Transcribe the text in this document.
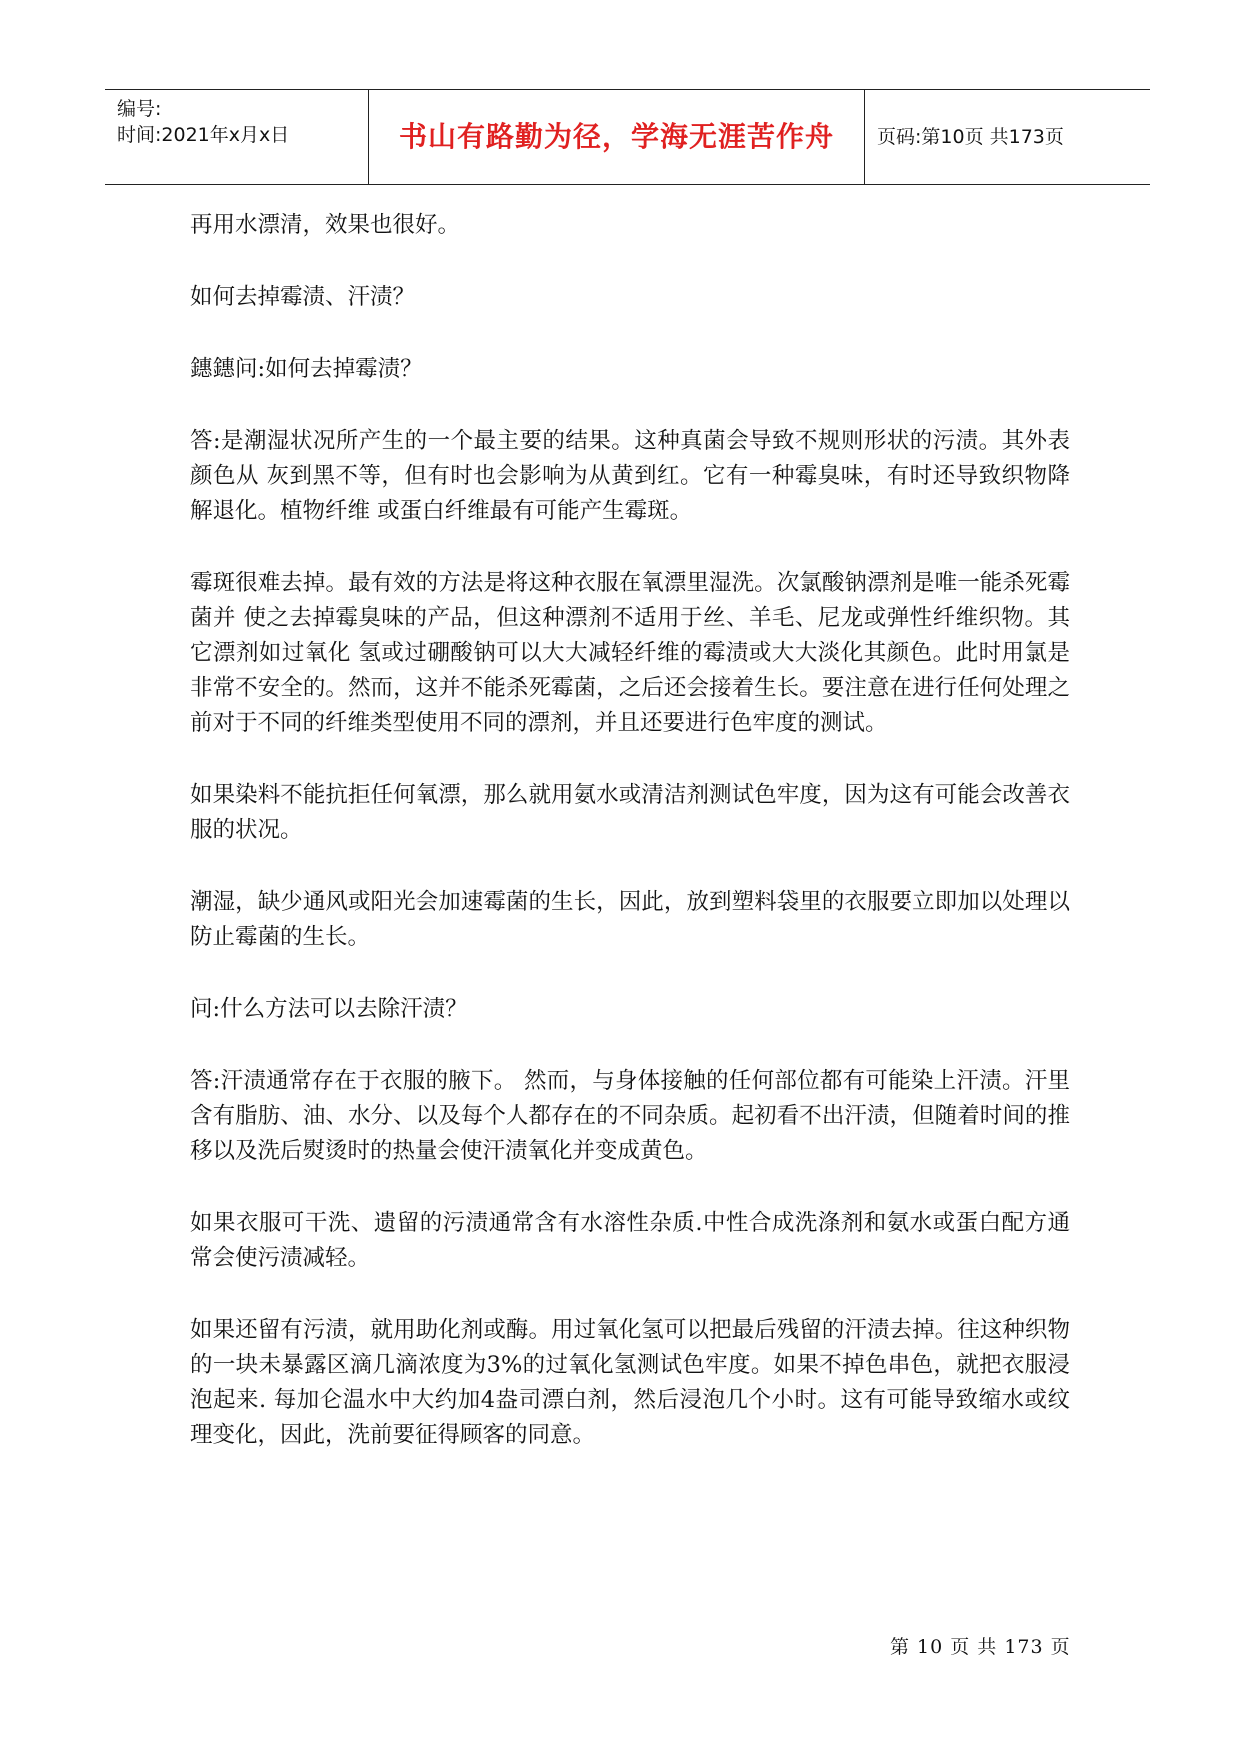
编号:
时间:2021年x月x日	书山有路勤为径，学海无涯苦作舟	页码:第10页 共173页

再用水漂清，效果也很好。

如何去掉霉渍、汗渍？

鏸鏸问:如何去掉霉渍？

答:是潮湿状况所产生的一个最主要的结果。这种真菌会导致不规则形状的污渍。其外表颜色从 灰到黑不等，但有时也会影响为从黄到红。它有一种霉臭味，有时还导致织物降解退化。植物纤维 或蛋白纤维最有可能产生霉斑。

霉斑很难去掉。最有效的方法是将这种衣服在氧漂里湿洗。次氯酸钠漂剂是唯一能杀死霉菌并 使之去掉霉臭味的产品，但这种漂剂不适用于丝、羊毛、尼龙或弹性纤维织物。其它漂剂如过氧化 氢或过硼酸钠可以大大减轻纤维的霉渍或大大淡化其颜色。此时用氯是非常不安全的。然而，这并不能杀死霉菌，之后还会接着生长。要注意在进行任何处理之前对于不同的纤维类型使用不同的漂剂，并且还要进行色牢度的测试。

如果染料不能抗拒任何氧漂，那么就用氨水或清洁剂测试色牢度，因为这有可能会改善衣服的状况。

潮湿，缺少通风或阳光会加速霉菌的生长，因此，放到塑料袋里的衣服要立即加以处理以防止霉菌的生长。

问:什么方法可以去除汗渍？

答:汗渍通常存在于衣服的腋下。 然而，与身体接触的任何部位都有可能染上汗渍。汗里含有脂肪、油、水分、以及每个人都存在的不同杂质。起初看不出汗渍，但随着时间的推移以及洗后熨烫时的热量会使汗渍氧化并变成黄色。

如果衣服可干洗、遗留的污渍通常含有水溶性杂质.中性合成洗涤剂和氨水或蛋白配方通常会使污渍减轻。

如果还留有污渍，就用助化剂或酶。用过氧化氢可以把最后残留的汗渍去掉。往这种织物的一块未暴露区滴几滴浓度为3%的过氧化氢测试色牢度。如果不掉色串色，就把衣服浸泡起来. 每加仑温水中大约加4盎司漂白剂，然后浸泡几个小时。这有可能导致缩水或纹理变化，因此，洗前要征得顾客的同意。

第 10 页 共 173 页
